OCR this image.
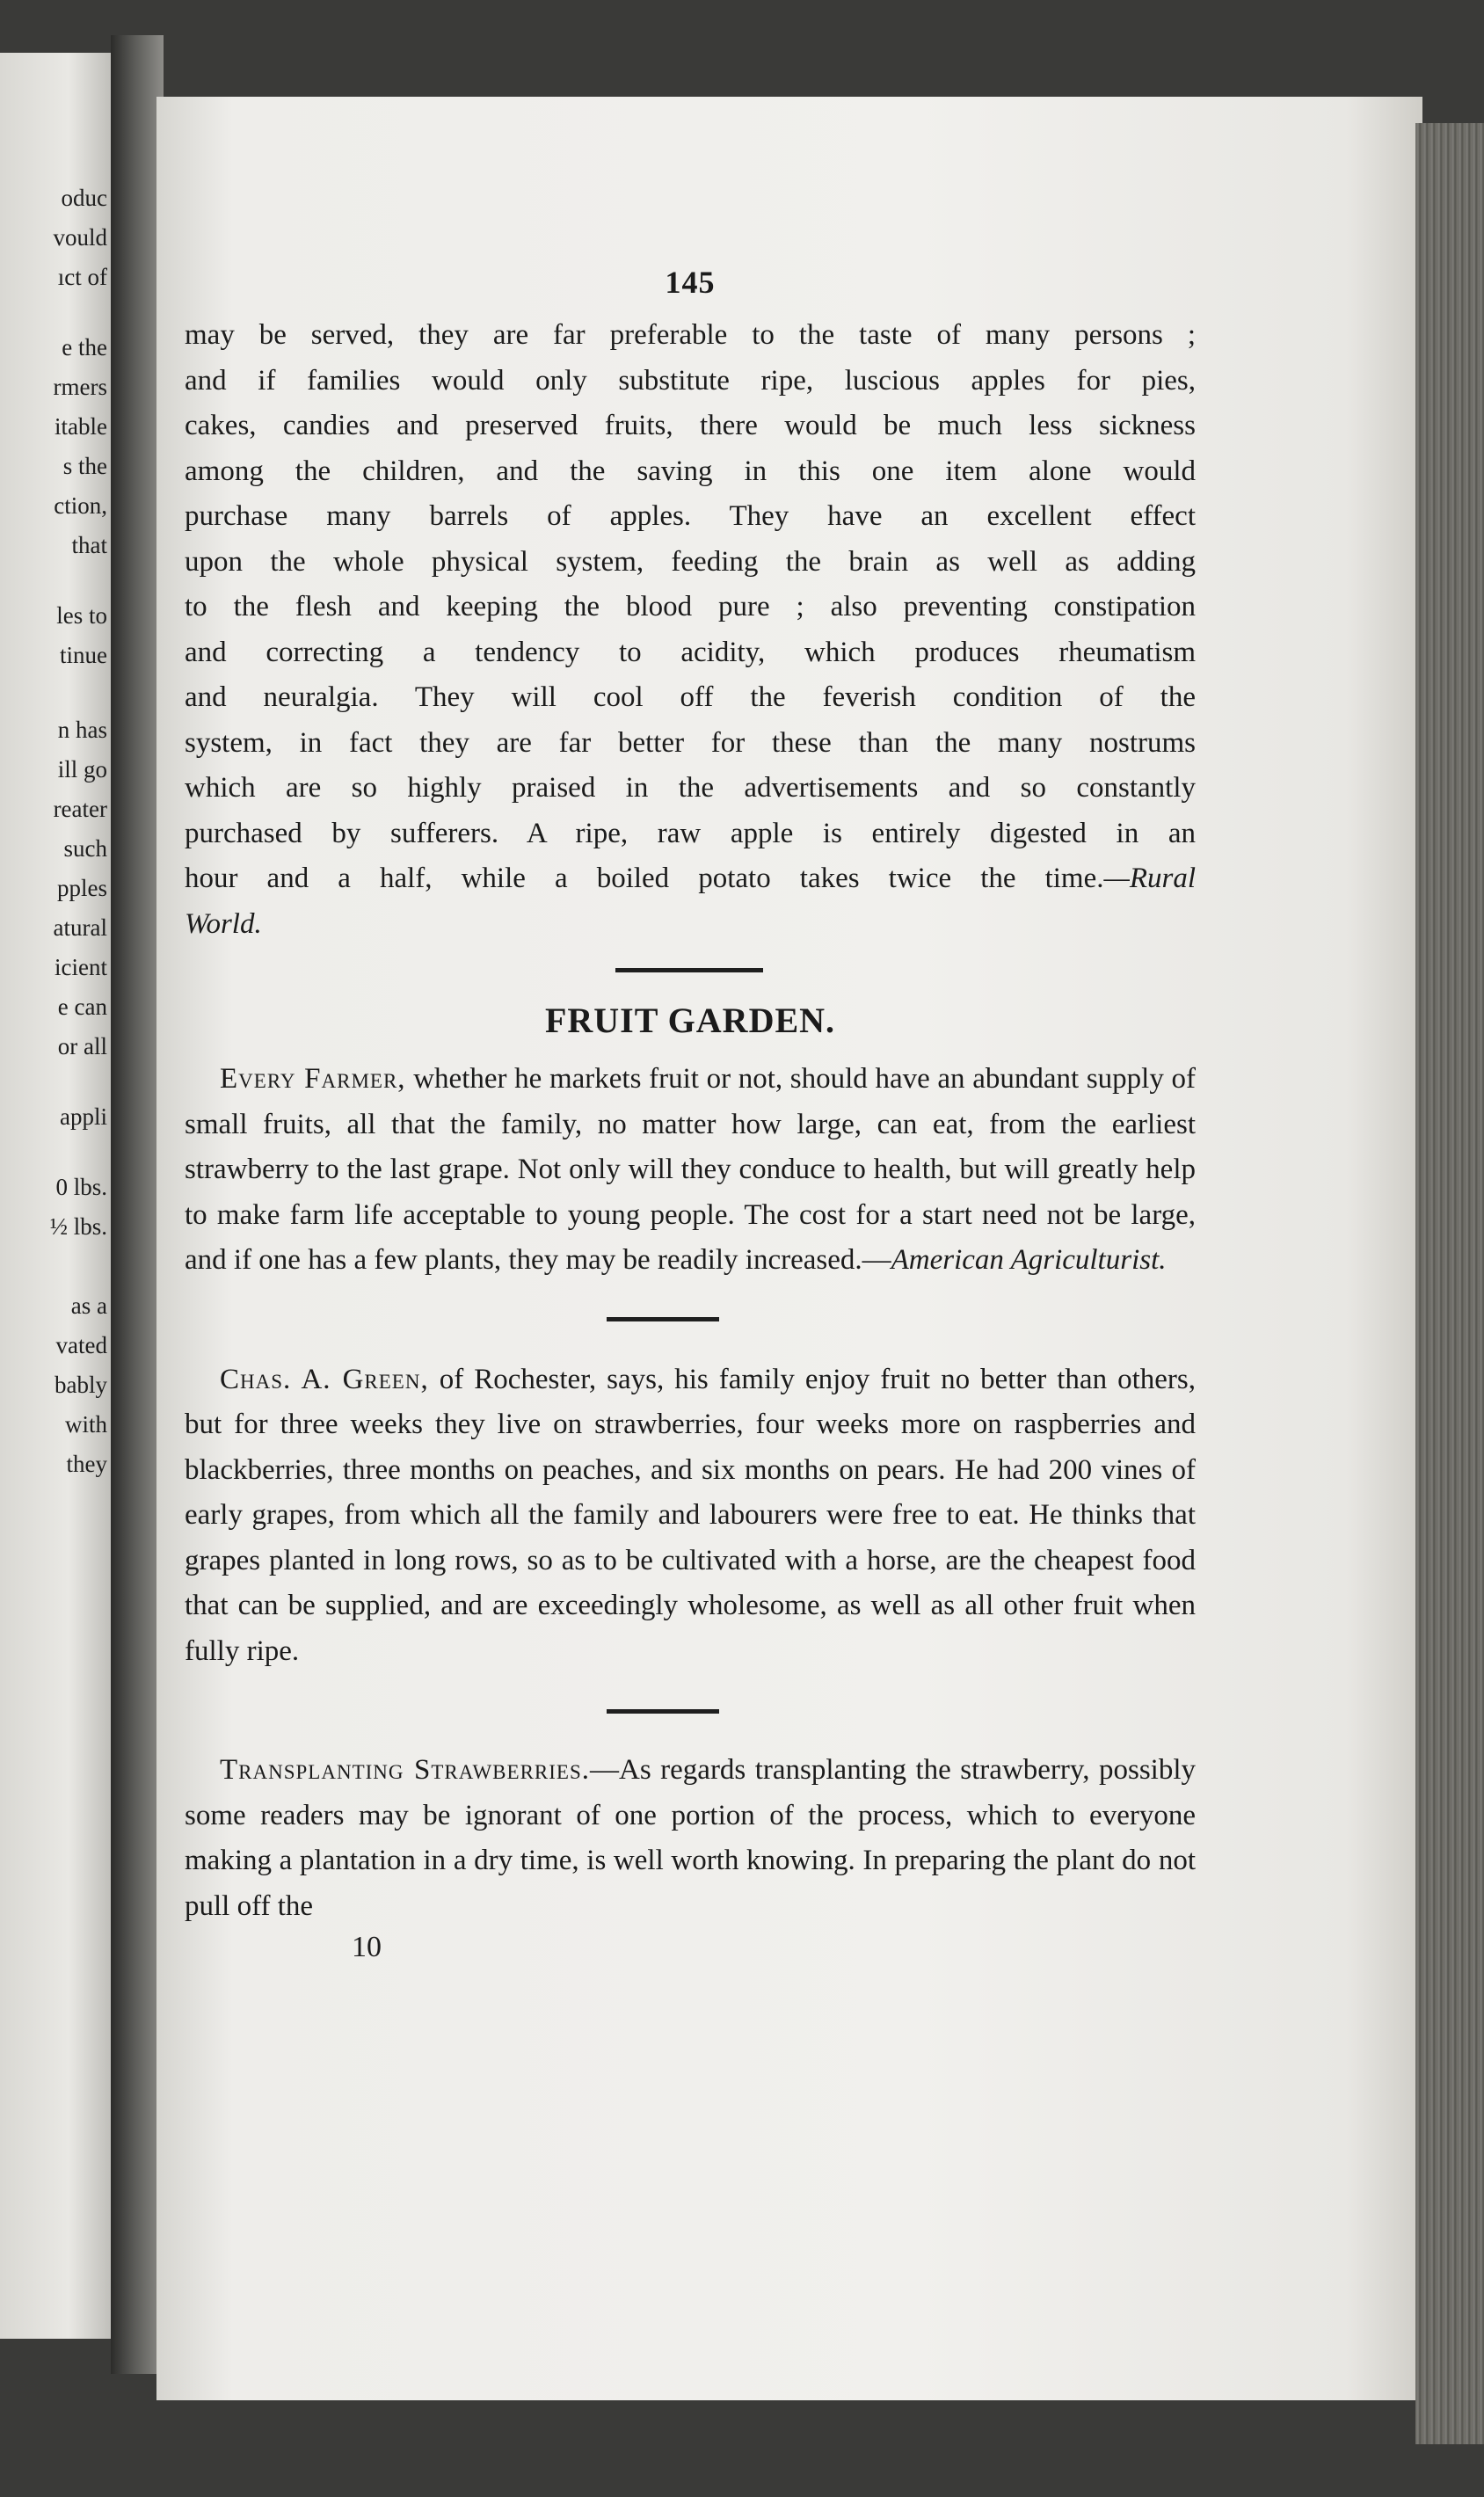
oduc
vould
ıct of
e the
rmers
itable
s the
ction,
that
les to
tinue
n has
ill go
reater
such
pples
atural
icient
e can
or all
appli
0 lbs.
½ lbs.
as a
vated
bably
with
they
145

may be served, they are far preferable to the taste of many persons ;
and if families would only substitute ripe, luscious apples for pies,
cakes, candies and preserved fruits, there would be much less sickness
among the children, and the saving in this one item alone would
purchase many barrels of apples. They have an excellent effect
upon the whole physical system, feeding the brain as well as adding
to the flesh and keeping the blood pure ; also preventing constipation
and correcting a tendency to acidity, which produces rheumatism
and neuralgia. They will cool off the feverish condition of the
system, in fact they are far better for these than the many nostrums
which are so highly praised in the advertisements and so constantly
purchased by sufferers. A ripe, raw apple is entirely digested in an
hour and a half, while a boiled potato takes twice the time.—Rural
World.

FRUIT GARDEN.

Every Farmer, whether he markets fruit or not, should have an abundant supply of small fruits, all that the family, no matter how large, can eat, from the earliest strawberry to the last grape. Not only will they conduce to health, but will greatly help to make farm life acceptable to young people. The cost for a start need not be large, and if one has a few plants, they may be readily increased.—American Agriculturist.

Chas. A. Green, of Rochester, says, his family enjoy fruit no better than others, but for three weeks they live on strawberries, four weeks more on raspberries and blackberries, three months on peaches, and six months on pears. He had 200 vines of early grapes, from which all the family and labourers were free to eat. He thinks that grapes planted in long rows, so as to be cultivated with a horse, are the cheapest food that can be supplied, and are exceedingly wholesome, as well as all other fruit when fully ripe.

Transplanting Strawberries.—As regards transplanting the strawberry, possibly some readers may be ignorant of one portion of the process, which to everyone making a plantation in a dry time, is well worth knowing. In preparing the plant do not pull off the

10
